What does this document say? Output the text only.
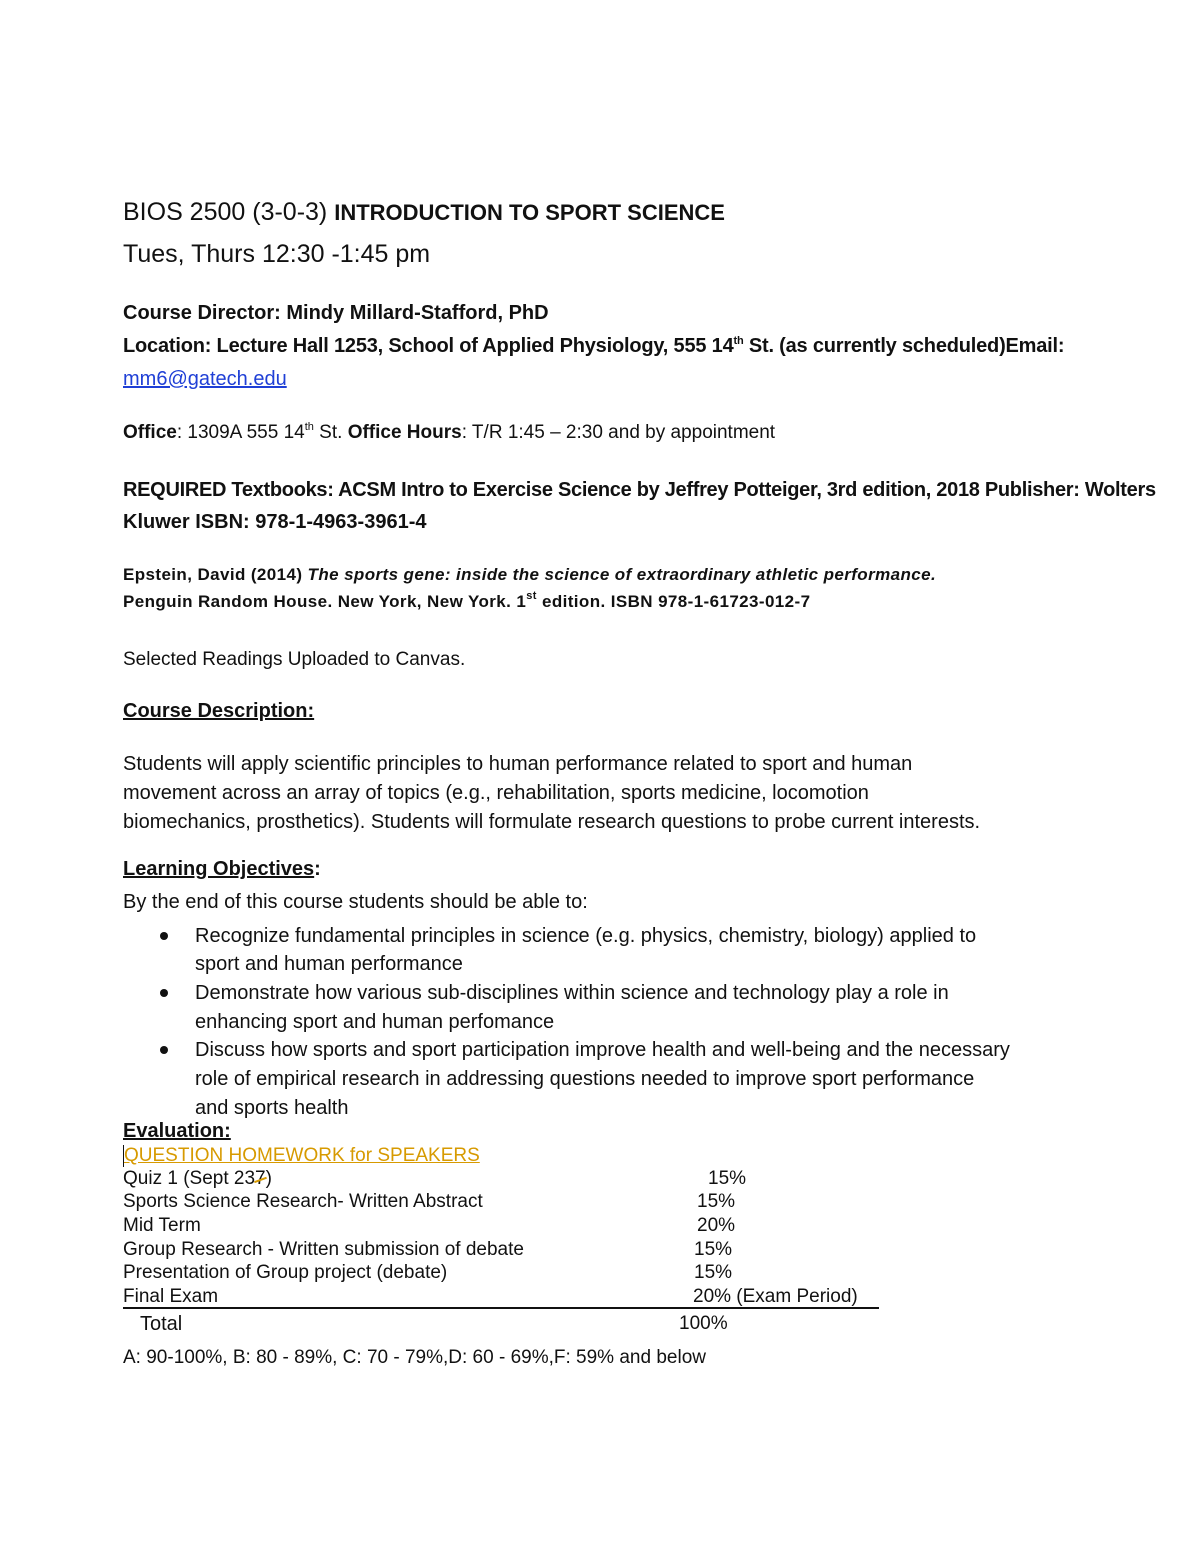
BIOS 2500 (3-0-3) INTRODUCTION TO SPORT SCIENCE
Tues, Thurs 12:30 -1:45 pm
Course Director: Mindy Millard-Stafford, PhD
Location: Lecture Hall 1253, School of Applied Physiology, 555 14th St. (as currently scheduled)Email:
mm6@gatech.edu
Office: 1309A 555 14th St. Office Hours: T/R 1:45 – 2:30 and by appointment
REQUIRED Textbooks: ACSM Intro to Exercise Science by Jeffrey Potteiger, 3rd edition, 2018 Publisher: Wolters
Kluwer ISBN: 978-1-4963-3961-4
Epstein, David (2014) The sports gene: inside the science of extraordinary athletic performance.
Penguin Random House. New York, New York. 1st edition. ISBN 978-1-61723-012-7
Selected Readings Uploaded to Canvas.
Course Description:
Students will apply scientific principles to human performance related to sport and human
movement across an array of topics (e.g., rehabilitation, sports medicine, locomotion
biomechanics, prosthetics). Students will formulate research questions to probe current interests.
Learning Objectives:
By the end of this course students should be able to:
Recognize fundamental principles in science (e.g. physics, chemistry, biology) applied to
sport and human performance
Demonstrate how various sub-disciplines within science and technology play a role in
enhancing sport and human perfomance
Discuss how sports and sport participation improve health and well-being and the necessary
role of empirical research in addressing questions needed to improve sport performance
and sports health
Evaluation:
QUESTION HOMEWORK for SPEAKERS
Quiz 1 (Sept 237)	15%
Sports Science Research- Written Abstract	15%
Mid Term	20%
Group Research - Written submission of debate	15%
Presentation of Group project (debate)	15%
Final Exam	20% (Exam Period)
Total	100%
A: 90-100%, B: 80 - 89%, C: 70 - 79%,D: 60 - 69%,F: 59% and below
